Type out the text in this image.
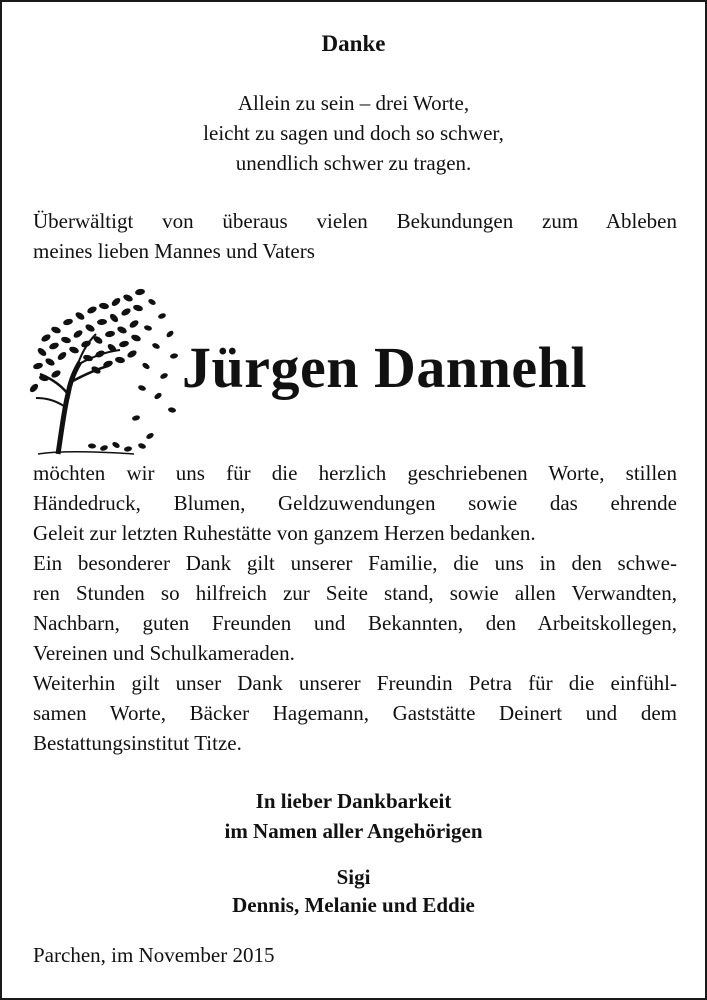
Danke
Allein zu sein – drei Worte,
leicht zu sagen und doch so schwer,
unendlich schwer zu tragen.
Überwältigt von überaus vielen Bekundungen zum Ableben
meines lieben Mannes und Vaters
Jürgen Dannehl
möchten wir uns für die herzlich geschriebenen Worte, stillen
Händedruck, Blumen, Geldzuwendungen sowie das ehrende
Geleit zur letzten Ruhestätte von ganzem Herzen bedanken.
Ein besonderer Dank gilt unserer Familie, die uns in den schwe-
ren Stunden so hilfreich zur Seite stand, sowie allen Verwandten,
Nachbarn, guten Freunden und Bekannten, den Arbeitskollegen,
Vereinen und Schulkameraden.
Weiterhin gilt unser Dank unserer Freundin Petra für die einfühl-
samen Worte, Bäcker Hagemann, Gaststätte Deinert und dem
Bestattungsinstitut Titze.
In lieber Dankbarkeit
im Namen aller Angehörigen
Sigi
Dennis, Melanie und Eddie
Parchen, im November 2015
